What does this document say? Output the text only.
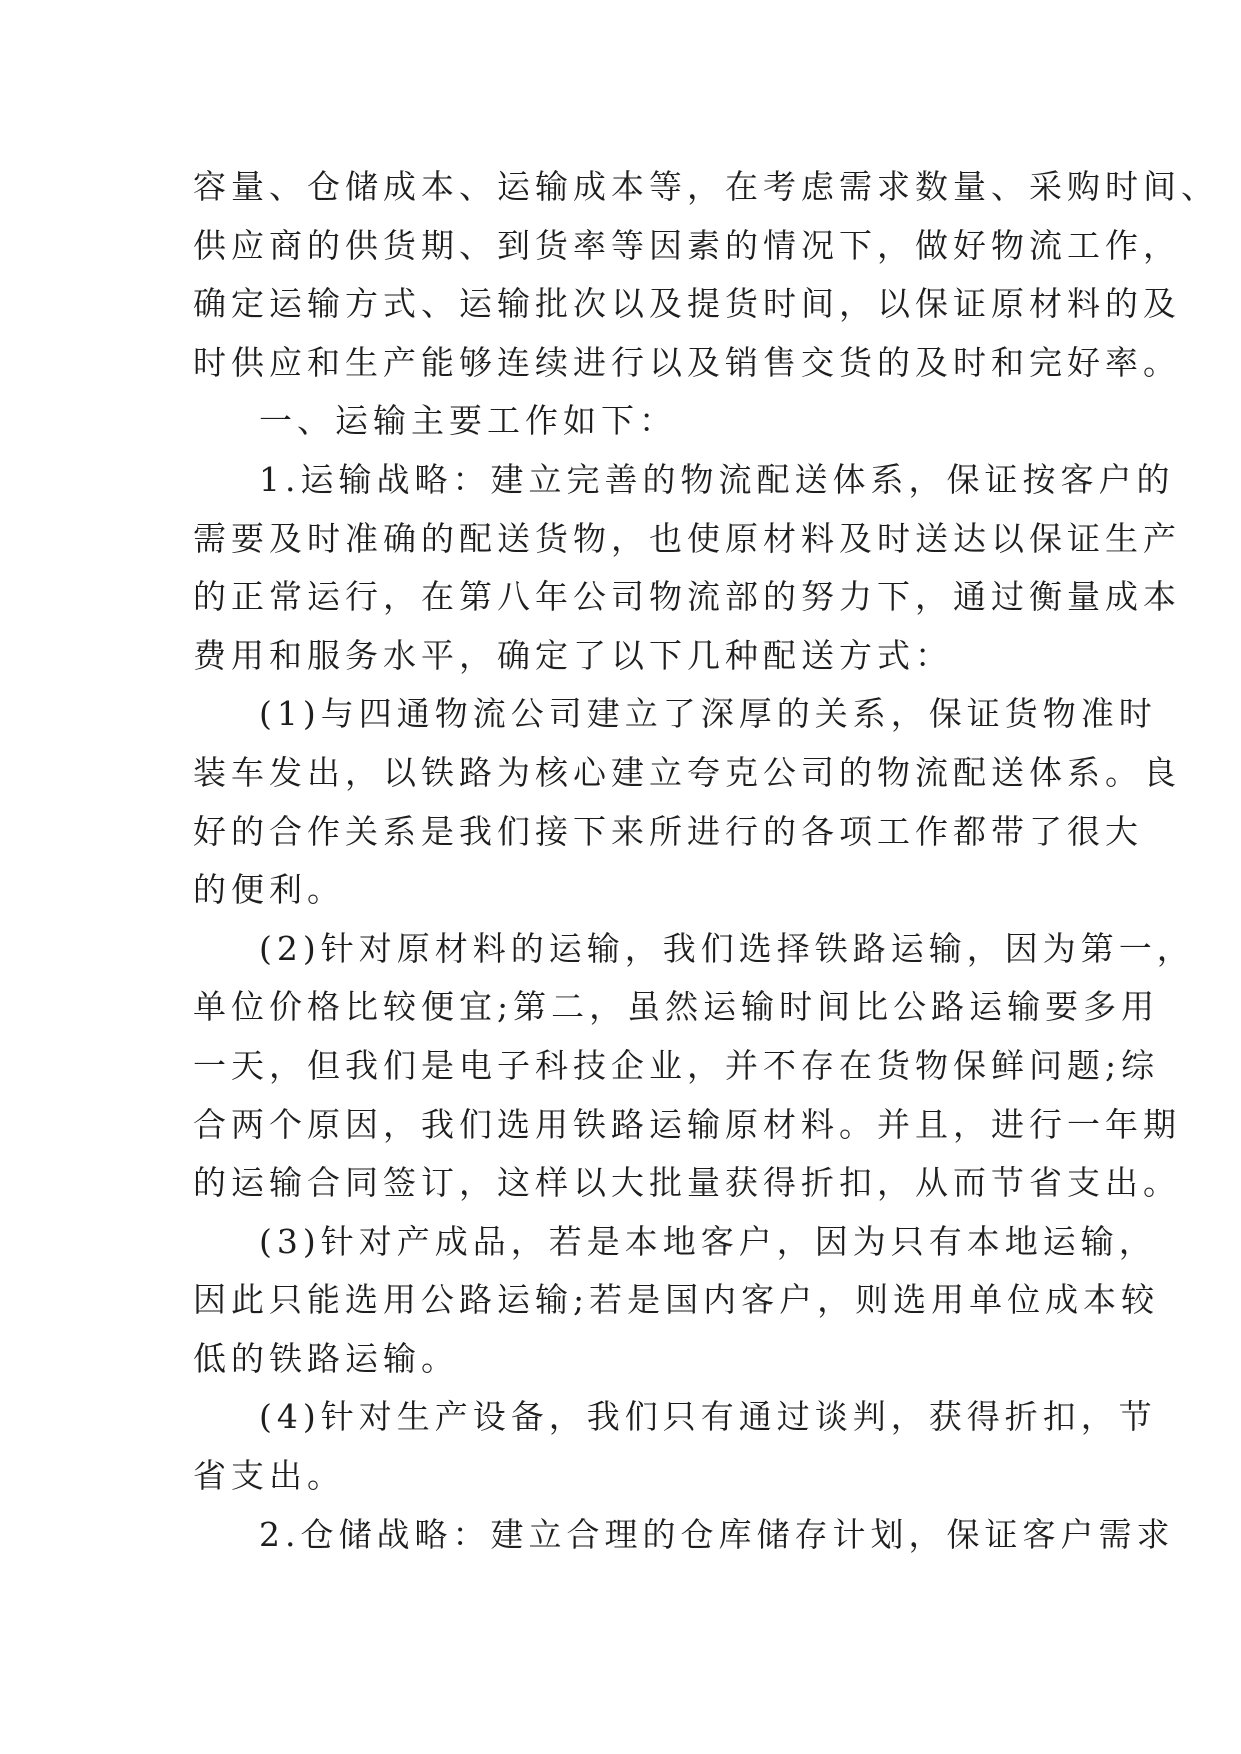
容量、仓储成本、运输成本等，在考虑需求数量、采购时间、
供应商的供货期、到货率等因素的情况下，做好物流工作，
确定运输方式、运输批次以及提货时间，以保证原材料的及
时供应和生产能够连续进行以及销售交货的及时和完好率。
一、运输主要工作如下：
1.运输战略：建立完善的物流配送体系，保证按客户的
需要及时准确的配送货物，也使原材料及时送达以保证生产
的正常运行，在第八年公司物流部的努力下，通过衡量成本
费用和服务水平，确定了以下几种配送方式：
(1)与四通物流公司建立了深厚的关系，保证货物准时
装车发出，以铁路为核心建立夸克公司的物流配送体系。良
好的合作关系是我们接下来所进行的各项工作都带了很大
的便利。
(2)针对原材料的运输，我们选择铁路运输，因为第一，
单位价格比较便宜;第二，虽然运输时间比公路运输要多用
一天，但我们是电子科技企业，并不存在货物保鲜问题;综
合两个原因，我们选用铁路运输原材料。并且，进行一年期
的运输合同签订，这样以大批量获得折扣，从而节省支出。
(3)针对产成品，若是本地客户，因为只有本地运输，
因此只能选用公路运输;若是国内客户，则选用单位成本较
低的铁路运输。
(4)针对生产设备，我们只有通过谈判，获得折扣，节
省支出。
2.仓储战略：建立合理的仓库储存计划，保证客户需求
